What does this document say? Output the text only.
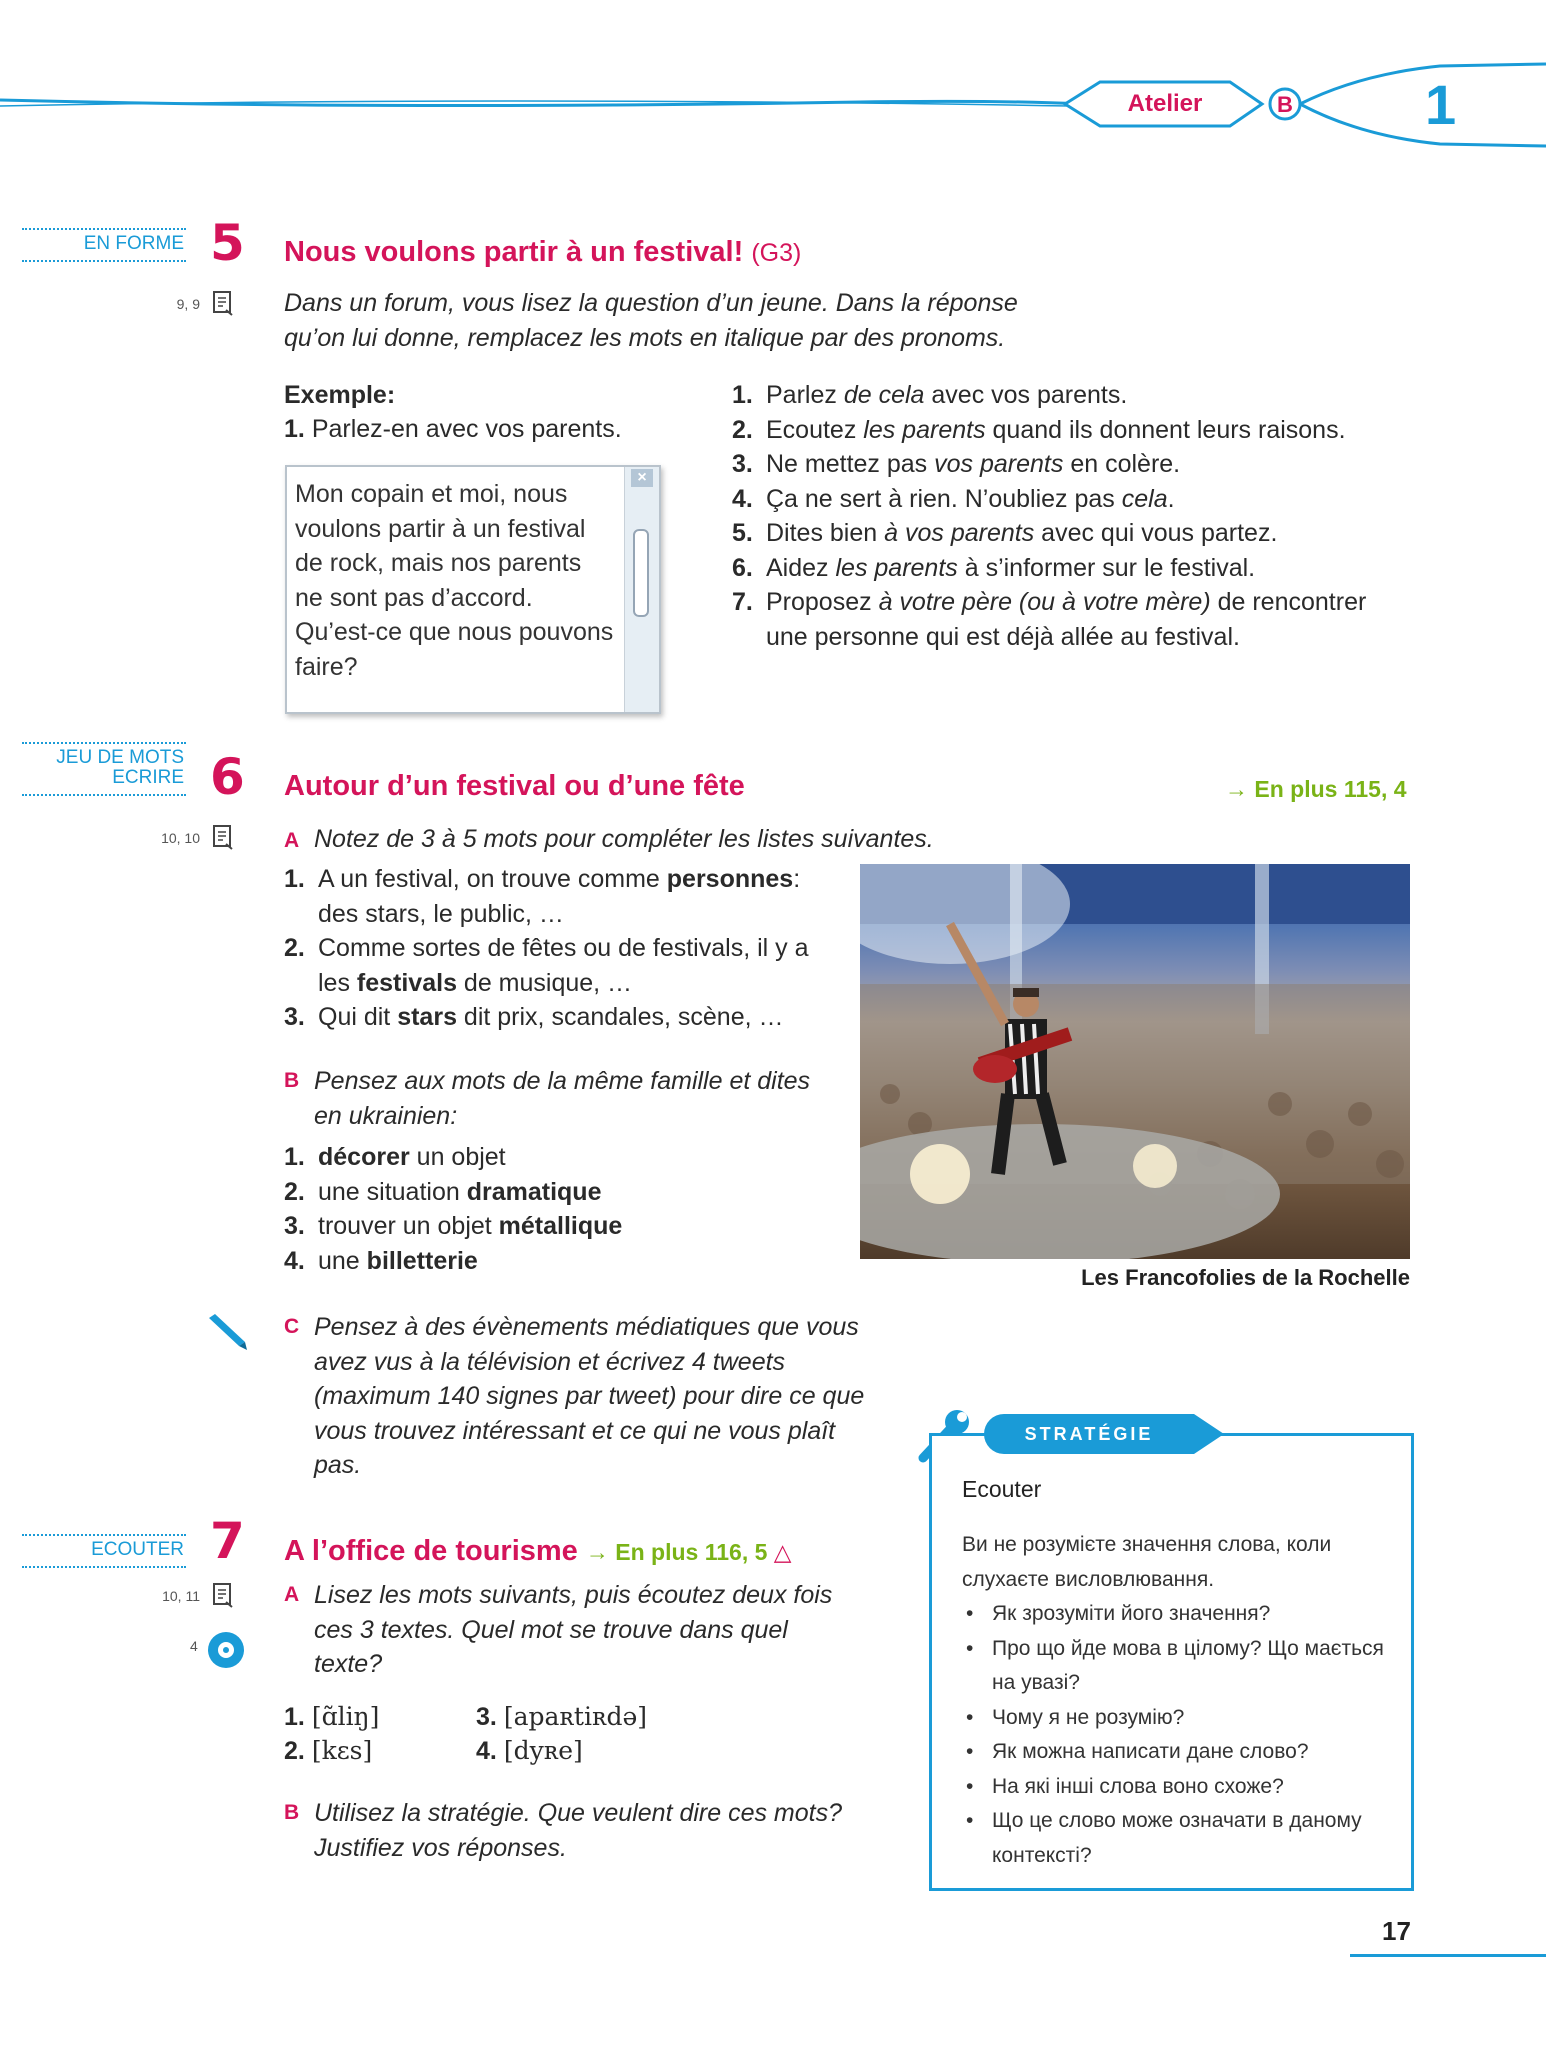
Atelier	B 1
EN FORME 5 Nous voulons partir à un festival! (G3)
9, 9	Dans un forum, vous lisez la question d’un jeune. Dans la réponse qu’on lui donne, remplacez les mots en italique par des pronoms.
Exemple:
1. Parlez-en avec vos parents.
Mon copain et moi, nous voulons partir à un festival de rock, mais nos parents ne sont pas d’accord. Qu’est-ce que nous pouvons faire?
×
1. Parlez de cela avec vos parents.
2. Ecoutez les parents quand ils donnent leurs raisons.
3. Ne mettez pas vos parents en colère.
4. Ça ne sert à rien. N’oubliez pas cela.
5. Dites bien à vos parents avec qui vous partez.
6. Aidez les parents à s’informer sur le festival.
7. Proposez à votre père (ou à votre mère) de rencontrer une personne qui est déjà allée au festival.
JEU DE MOTS
ECRIRE 6 Autour d’un festival ou d’une fête	→ En plus 115, 4
10, 10	A Notez de 3 à 5 mots pour compléter les listes suivantes.
1. A un festival, on trouve comme personnes: des stars, le public, …
2. Comme sortes de fêtes ou de festivals, il y a les festivals de musique, …
3. Qui dit stars dit prix, scandales, scène, …
B Pensez aux mots de la même famille et dites en ukrainien:
1. décorer un objet
2. une situation dramatique
3. trouver un objet métallique
4. une billetterie
Les Francofolies de la Rochelle
C Pensez à des évènements médiatiques que vous avez vus à la télévision et écrivez 4 tweets (maximum 140 signes par tweet) pour dire ce que vous trouvez intéressant et ce qui ne vous plaît pas.
ECOUTER 7 A l’office de tourisme → En plus 116, 5 △
10, 11
4
A Lisez les mots suivants, puis écoutez deux fois ces 3 textes. Quel mot se trouve dans quel texte?
1. [ɑ̃liŋ]
2. [kɛs]
3. [apaʀtiʀdə]
4. [dyʀe]
B Utilisez la stratégie. Que veulent dire ces mots? Justifiez vos réponses.
STRATÉGIE
Ecouter
Ви не розумієте значення слова, коли слухаєте висловлювання.
• Як зрозуміти його значення?
• Про що йде мова в цілому? Що мається на увазі?
• Чому я не розумію?
• Як можна написати дане слово?
• На які інші слова воно схоже?
• Що це слово може означати в даному контексті?
17
